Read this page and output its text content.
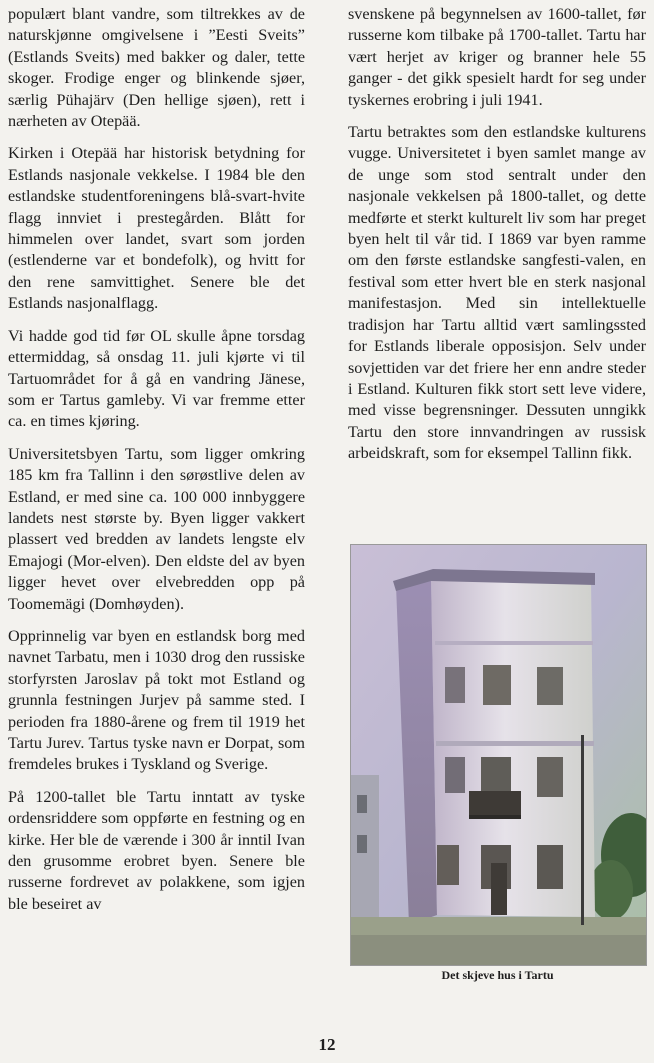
populært blant vandre, som tiltrekkes av de naturskjønne omgivelsene i ”Eesti Sveits” (Estlands Sveits) med bakker og daler, tette skoger. Frodige enger og blinkende sjøer, særlig Pühajärv (Den hellige sjøen), rett i nærheten av Otepää.

Kirken i Otepää har historisk betydning for Estlands nasjonale vekkelse. I 1984 ble den estlandske studentforeningens blå-svart-hvite flagg innviet i prestegården. Blått for himmelen over landet, svart som jorden (estlenderne var et bondefolk), og hvitt for den rene samvittighet. Senere ble det Estlands nasjonalflagg.

Vi hadde god tid før OL skulle åpne torsdag ettermiddag, så onsdag 11. juli kjørte vi til Tartuområdet for å gå en vandring Jänese, som er Tartus gamleby. Vi var fremme etter ca. en times kjøring.

Universitetsbyen Tartu, som ligger omkring 185 km fra Tallinn i den sørøstlive delen av Estland, er med sine ca. 100 000 innbyggere landets nest største by. Byen ligger vakkert plassert ved bredden av landets lengste elv Emajogi (Mor-elven). Den eldste del av byen ligger hevet over elvebredden opp på Toomemägi (Domhøyden).

Opprinnelig var byen en estlandsk borg med navnet Tarbatu, men i 1030 drog den russiske storfyrsten Jaroslav på tokt mot Estland og grunnla festningen Jurjev på samme sted. I perioden fra 1880-årene og frem til 1919 het Tartu Jurev. Tartus tyske navn er Dorpat, som fremdeles brukes i Tyskland og Sverige.

På 1200-tallet ble Tartu inntatt av tyske ordensriddere som oppførte en festning og en kirke. Her ble de værende i 300 år inntil Ivan den grusomme erobret byen. Senere ble russerne fordrevet av polakkene, som igjen ble beseiret av

svenskene på begynnelsen av 1600-tallet, før russerne kom tilbake på 1700-tallet. Tartu har vært herjet av kriger og branner hele 55 ganger - det gikk spesielt hardt for seg under tyskernes erobring i juli 1941.

Tartu betraktes som den estlandske kulturens vugge. Universitetet i byen samlet mange av de unge som stod sentralt under den nasjonale vekkelsen på 1800-tallet, og dette medførte et sterkt kulturelt liv som har preget byen helt til vår tid. I 1869 var byen ramme om den første estlandske sangfesti-valen, en festival som etter hvert ble en sterk nasjonal manifestasjon. Med sin intellektuelle tradisjon har Tartu alltid vært samlingssted for Estlands liberale opposisjon. Selv under sovjettiden var det friere her enn andre steder i Estland. Kulturen fikk stort sett leve videre, med visse begrensninger. Dessuten unngikk Tartu den store innvandringen av russisk arbeidskraft, som for eksempel Tallinn fikk.

Det skjeve hus i Tartu
12
